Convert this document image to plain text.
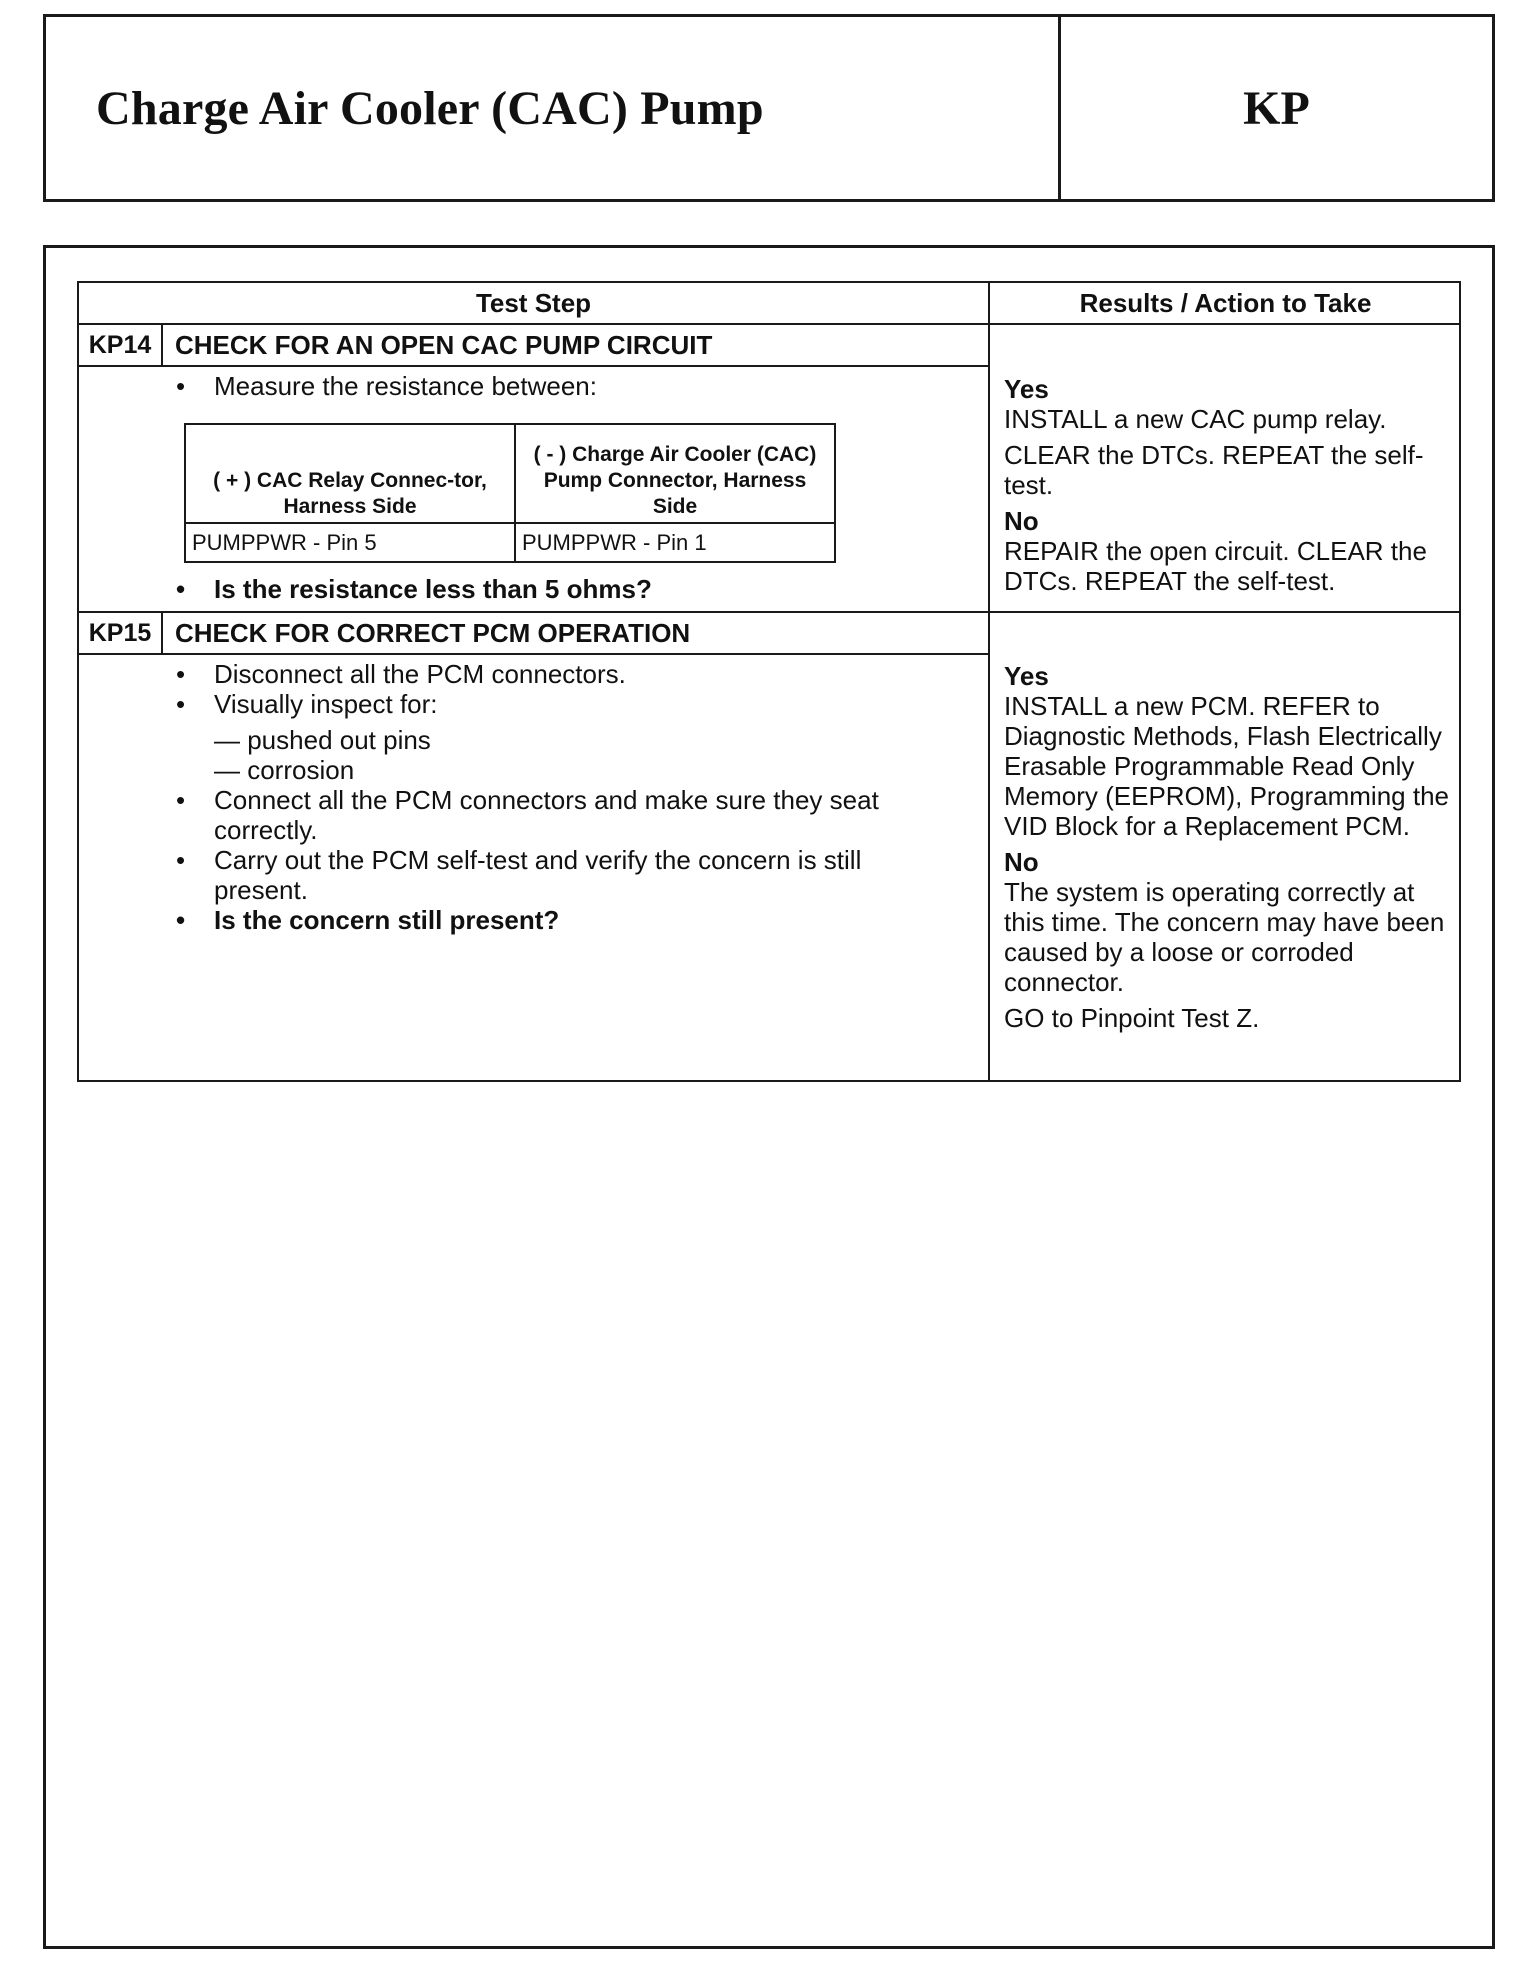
Charge Air Cooler (CAC) Pump	KP
Test Step	Results / Action to Take
KP14 CHECK FOR AN OPEN CAC PUMP CIRCUIT
• Measure the resistance between:
( + ) CAC Relay Connec-tor, Harness Side	( - ) Charge Air Cooler (CAC) Pump Connector, Harness Side
PUMPPWR - Pin 5	PUMPPWR - Pin 1
• Is the resistance less than 5 ohms?

Yes

INSTALL a new CAC pump relay.

CLEAR the DTCs. REPEAT the self-test.

No

REPAIR the open circuit. CLEAR the DTCs. REPEAT the self-test.

KP15 CHECK FOR CORRECT PCM OPERATION
• Disconnect all the PCM connectors.
• Visually inspect for:
— pushed out pins
— corrosion
• Connect all the PCM connectors and make sure they seat correctly.
• Carry out the PCM self-test and verify the concern is still present.
• Is the concern still present?

Yes

INSTALL a new PCM. REFER to Diagnostic Methods, Flash Electrically Erasable Programmable Read Only Memory (EEPROM), Programming the VID Block for a Replacement PCM.

No

The system is operating correctly at this time. The concern may have been caused by a loose or corroded connector.

GO to Pinpoint Test Z.
